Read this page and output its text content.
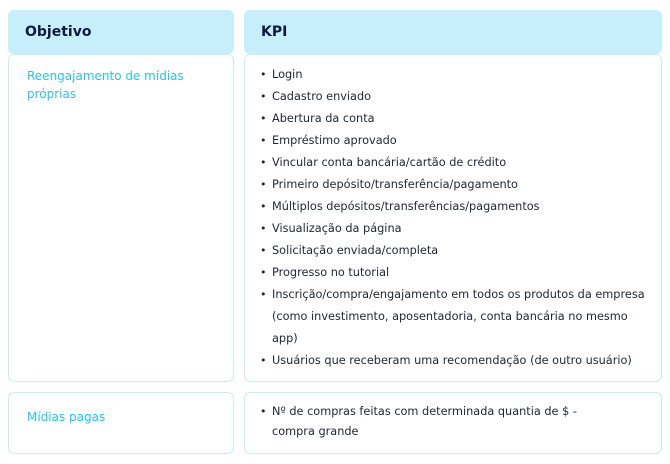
Objetivo	KPI
Reengajamento de mídias próprias
• Login
• Cadastro enviado
• Abertura da conta
• Empréstimo aprovado
• Vincular conta bancária/cartão de crédito
• Primeiro depósito/transferência/pagamento
• Múltiplos depósitos/transferências/pagamentos
• Visualização da página
• Solicitação enviada/completa
• Progresso no tutorial
• Inscrição/compra/engajamento em todos os produtos da empresa (como investimento, aposentadoria, conta bancária no mesmo app)
• Usuários que receberam uma recomendação (de outro usuário)
Mídias pagas	• Nº de compras feitas com determinada quantia de $ - compra grande
